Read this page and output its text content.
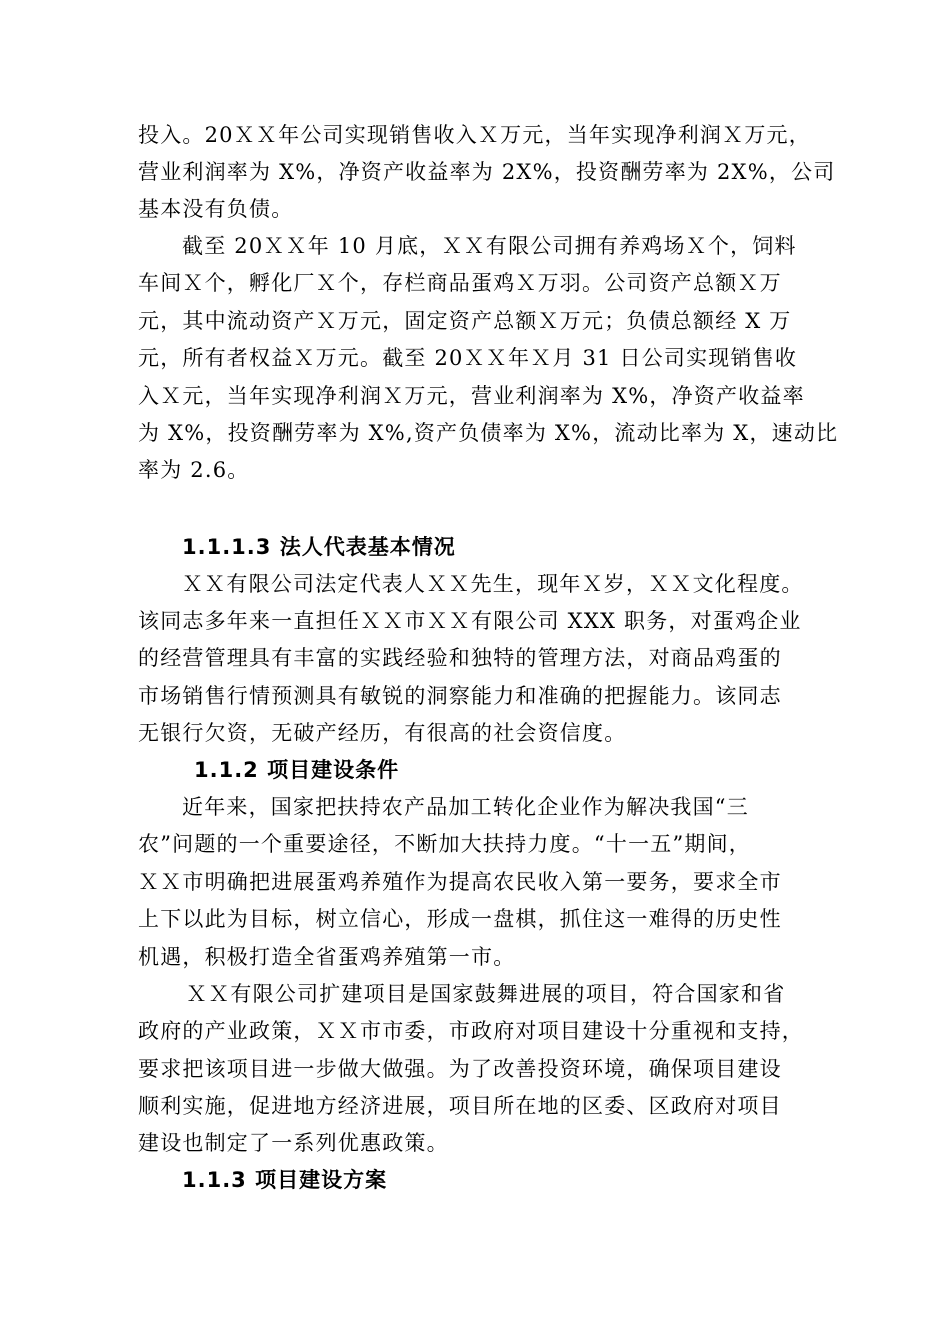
投入。20ＸＸ年公司实现销售收入Ｘ万元，当年实现净利润Ｘ万元，
营业利润率为 X%，净资产收益率为 2X%，投资酬劳率为 2X%，公司
基本没有负债。
截至 20ＸＸ年 10 月底，ＸＸ有限公司拥有养鸡场Ｘ个，饲料
车间Ｘ个，孵化厂Ｘ个，存栏商品蛋鸡Ｘ万羽。公司资产总额Ｘ万
元，其中流动资产Ｘ万元，固定资产总额Ｘ万元；负债总额经 X 万
元，所有者权益Ｘ万元。截至 20ＸＸ年Ｘ月 31 日公司实现销售收
入Ｘ元，当年实现净利润Ｘ万元，营业利润率为 X%，净资产收益率
为 X%，投资酬劳率为 X%,资产负债率为 X%，流动比率为 X，速动比
率为 2.6。
1.1.1.3 法人代表基本情况
ＸＸ有限公司法定代表人ＸＸ先生，现年Ｘ岁，ＸＸ文化程度。
该同志多年来一直担任ＸＸ市ＸＸ有限公司 XXX 职务，对蛋鸡企业
的经营管理具有丰富的实践经验和独特的管理方法，对商品鸡蛋的
市场销售行情预测具有敏锐的洞察能力和准确的把握能力。该同志
无银行欠资，无破产经历，有很高的社会资信度。
1.1.2 项目建设条件
近年来，国家把扶持农产品加工转化企业作为解决我国“三
农”问题的一个重要途径，不断加大扶持力度。“十一五”期间，
ＸＸ市明确把进展蛋鸡养殖作为提高农民收入第一要务，要求全市
上下以此为目标，树立信心，形成一盘棋，抓住这一难得的历史性
机遇，积极打造全省蛋鸡养殖第一市。
ＸＸ有限公司扩建项目是国家鼓舞进展的项目，符合国家和省
政府的产业政策，ＸＸ市市委，市政府对项目建设十分重视和支持，
要求把该项目进一步做大做强。为了改善投资环境，确保项目建设
顺利实施，促进地方经济进展，项目所在地的区委、区政府对项目
建设也制定了一系列优惠政策。
1.1.3 项目建设方案
